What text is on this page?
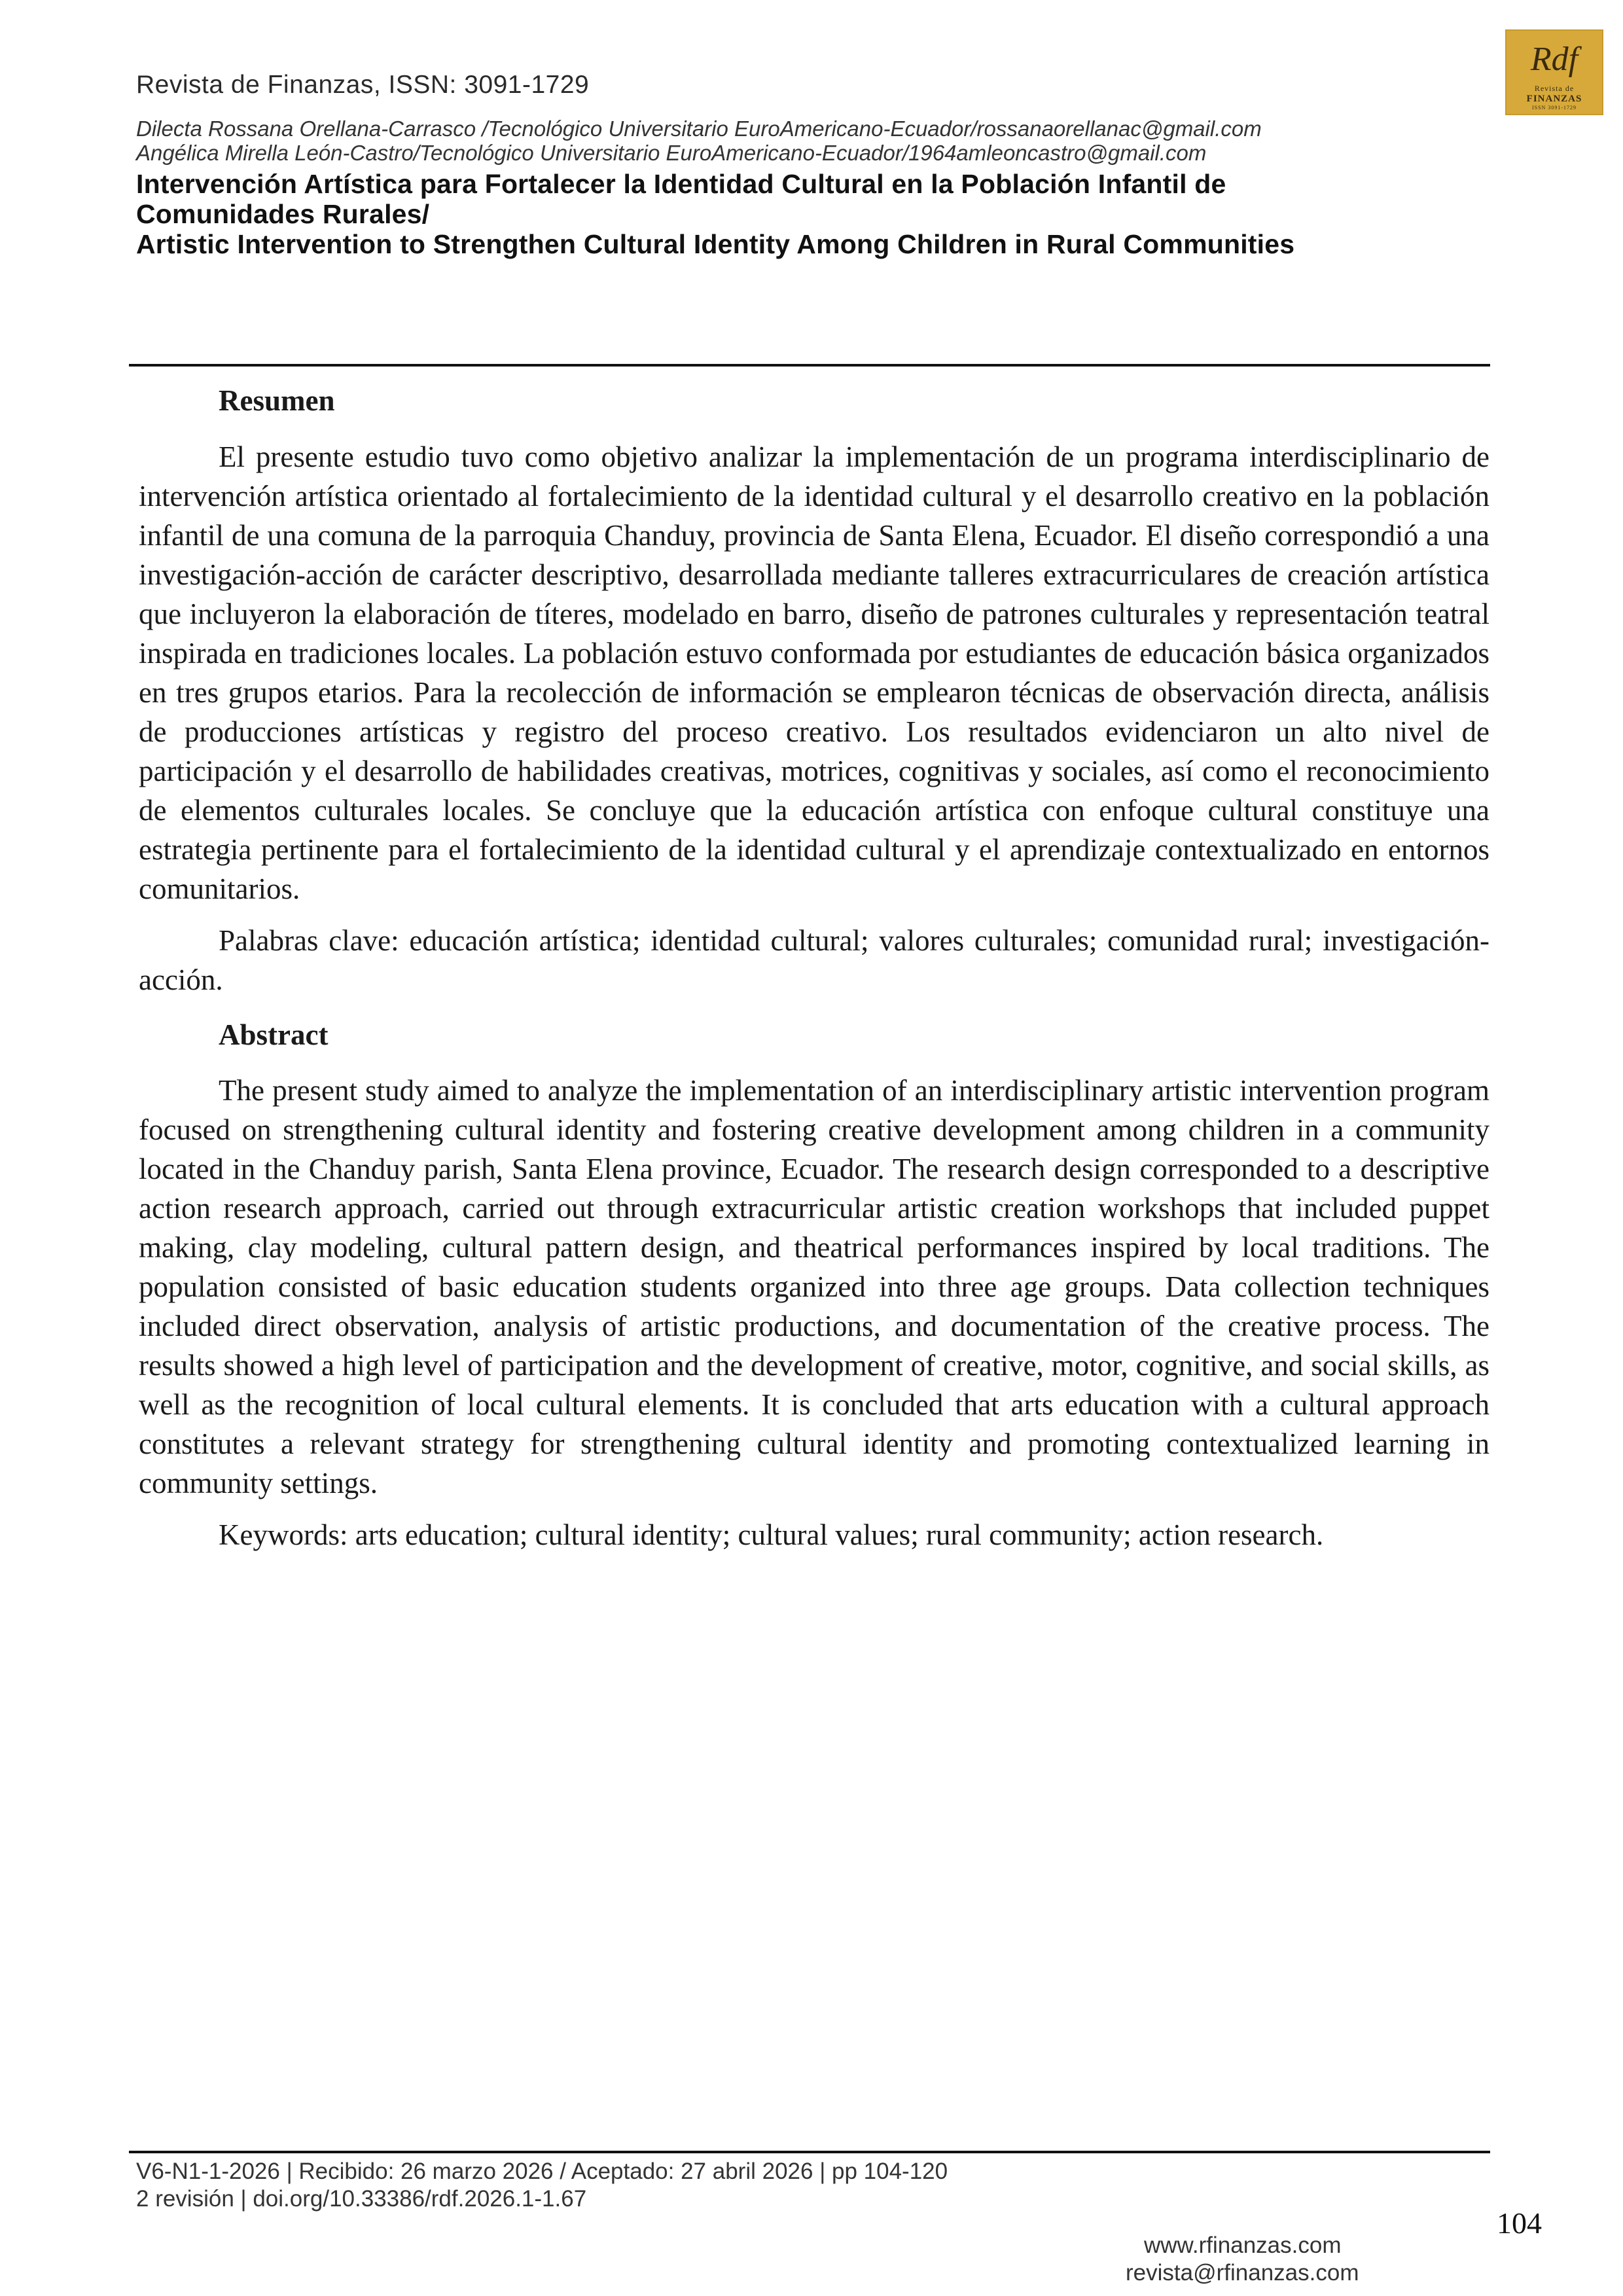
Revista de Finanzas, ISSN: 3091-1729
Rdf
Revista de
FINANZAS
ISSN 3091-1729
Dilecta Rossana Orellana-Carrasco /Tecnológico Universitario EuroAmericano-Ecuador/rossanaorellanac@gmail.com
Angélica Mirella León-Castro/Tecnológico Universitario EuroAmericano-Ecuador/1964amleoncastro@gmail.com
Intervención Artística para Fortalecer la Identidad Cultural en la Población Infantil de
Comunidades Rurales/
Artistic Intervention to Strengthen Cultural Identity Among Children in Rural Communities

Resumen

El presente estudio tuvo como objetivo analizar la implementación de un programa interdisciplinario de intervención artística orientado al fortalecimiento de la identidad cultural y el desarrollo creativo en la población infantil de una comuna de la parroquia Chanduy, provincia de Santa Elena, Ecuador. El diseño correspondió a una investigación-acción de carácter descriptivo, desarrollada mediante talleres extracurriculares de creación artística que incluyeron la elaboración de títeres, modelado en barro, diseño de patrones culturales y representación teatral inspirada en tradiciones locales. La población estuvo conformada por estudiantes de educación básica organizados en tres grupos etarios. Para la recolección de información se emplearon técnicas de observación directa, análisis de producciones artísticas y registro del proceso creativo. Los resultados evidenciaron un alto nivel de participación y el desarrollo de habilidades creativas, motrices, cognitivas y sociales, así como el reconocimiento de elementos culturales locales. Se concluye que la educación artística con enfoque cultural constituye una estrategia pertinente para el fortalecimiento de la identidad cultural y el aprendizaje contextualizado en entornos comunitarios.

Palabras clave: educación artística; identidad cultural; valores culturales; comunidad rural; investigación-acción.

Abstract

The present study aimed to analyze the implementation of an interdisciplinary artistic intervention program focused on strengthening cultural identity and fostering creative development among children in a community located in the Chanduy parish, Santa Elena province, Ecuador. The research design corresponded to a descriptive action research approach, carried out through extracurricular artistic creation workshops that included puppet making, clay modeling, cultural pattern design, and theatrical performances inspired by local traditions. The population consisted of basic education students organized into three age groups. Data collection techniques included direct observation, analysis of artistic productions, and documentation of the creative process. The results showed a high level of participation and the development of creative, motor, cognitive, and social skills, as well as the recognition of local cultural elements. It is concluded that arts education with a cultural approach constitutes a relevant strategy for strengthening cultural identity and promoting contextualized learning in community settings.

Keywords: arts education; cultural identity; cultural values; rural community; action research.

V6-N1-1-2026 | Recibido: 26 marzo 2026 / Aceptado: 27 abril 2026 | pp 104-120
2 revisión | doi.org/10.33386/rdf.2026.1-1.67
104
www.rfinanzas.com
revista@rfinanzas.com
